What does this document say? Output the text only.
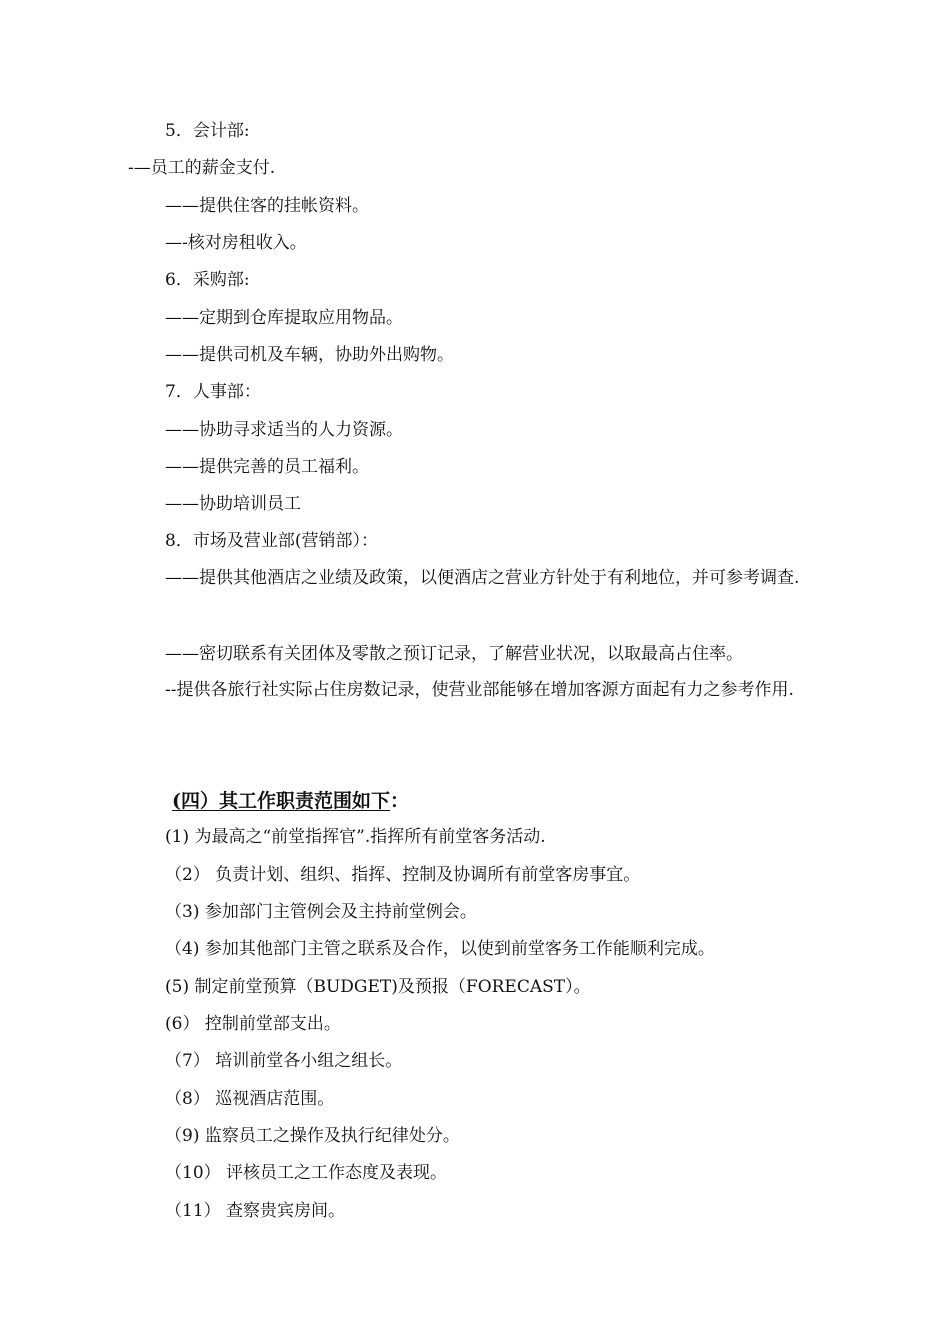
5．会计部:
-—员工的薪金支付.
——提供住客的挂帐资料。
—-核对房租收入。
6．采购部:
——定期到仓库提取应用物品。
——提供司机及车辆，协助外出购物。
7．人事部：
——协助寻求适当的人力资源。
——提供完善的员工福利。
——协助培训员工
8．市场及营业部(营销部）：
——提供其他酒店之业绩及政策，以便酒店之营业方针处于有利地位，并可参考调查.
——密切联系有关团体及零散之预订记录，了解营业状况，以取最高占住率。
--提供各旅行社实际占住房数记录，使营业部能够在增加客源方面起有力之参考作用.
(四）其工作职责范围如下：
(1) 为最高之“前堂指挥官”.指挥所有前堂客务活动.
（2） 负责计划、组织、指挥、控制及协调所有前堂客房事宜。
（3) 参加部门主管例会及主持前堂例会。
（4) 参加其他部门主管之联系及合作，以使到前堂客务工作能顺利完成。
(5) 制定前堂预算（BUDGET)及预报（FORECAST）。
(6） 控制前堂部支出。
（7） 培训前堂各小组之组长。
（8） 巡视酒店范围。
（9) 监察员工之操作及执行纪律处分。
（10） 评核员工之工作态度及表现。
（11） 查察贵宾房间。
